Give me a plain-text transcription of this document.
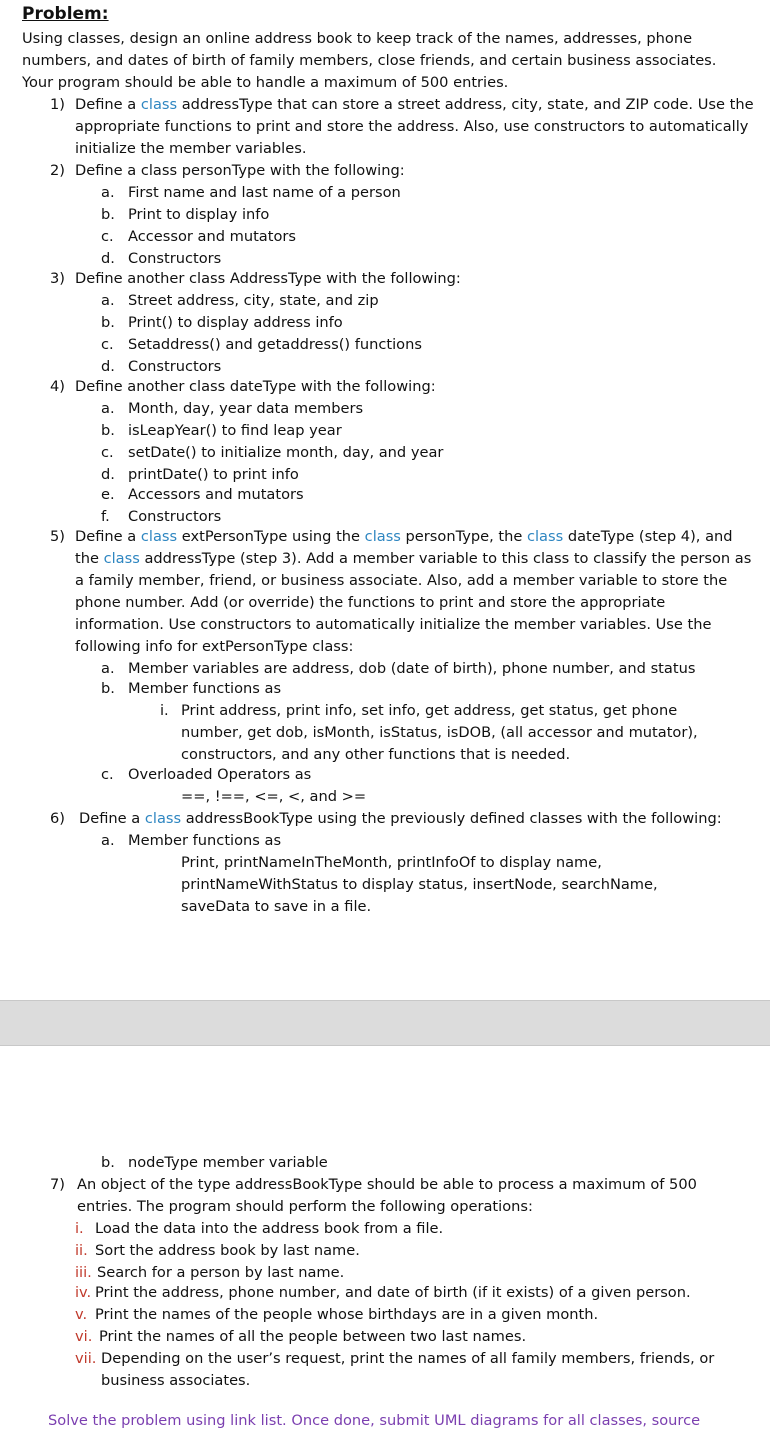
Problem:
Using classes, design an online address book to keep track of the names, addresses, phone numbers, and dates of birth of family members, close friends, and certain business associates. Your program should be able to handle a maximum of 500 entries.
1) Define a class addressType that can store a street address, city, state, and ZIP code. Use the appropriate functions to print and store the address. Also, use constructors to automatically initialize the member variables.
2) Define a class personType with the following:
a. First name and last name of a person
b. Print to display info
c. Accessor and mutators
d. Constructors
3) Define another class AddressType with the following:
a. Street address, city, state, and zip
b. Print() to display address info
c. Setaddress() and getaddress() functions
d. Constructors
4) Define another class dateType with the following:
a. Month, day, year data members
b. isLeapYear() to find leap year
c. setDate() to initialize month, day, and year
d. printDate() to print info
e. Accessors and mutators
f. Constructors
5) Define a class extPersonType using the class personType, the class dateType (step 4), and the class addressType (step 3). Add a member variable to this class to classify the person as a family member, friend, or business associate. Also, add a member variable to store the phone number. Add (or override) the functions to print and store the appropriate information. Use constructors to automatically initialize the member variables. Use the following info for extPersonType class:
a. Member variables are address, dob (date of birth), phone number, and status
b. Member functions as
i. Print address, print info, set info, get address, get status, get phone number, get dob, isMonth, isStatus, isDOB, (all accessor and mutator), constructors, and any other functions that is needed.
c. Overloaded Operators as
==, !==, <=, <, and >=
6) Define a class addressBookType using the previously defined classes with the following:
a. Member functions as
Print, printNameInTheMonth, printInfoOf to display name, printNameWithStatus to display status, insertNode, searchName, saveData to save in a file.
b. nodeType member variable
7) An object of the type addressBookType should be able to process a maximum of 500 entries. The program should perform the following operations:
i. Load the data into the address book from a file.
ii. Sort the address book by last name.
iii. Search for a person by last name.
iv. Print the address, phone number, and date of birth (if it exists) of a given person.
v. Print the names of the people whose birthdays are in a given month.
vi. Print the names of all the people between two last names.
vii. Depending on the user’s request, print the names of all family members, friends, or
business associates.
Solve the problem using link list. Once done, submit UML diagrams for all classes, source
